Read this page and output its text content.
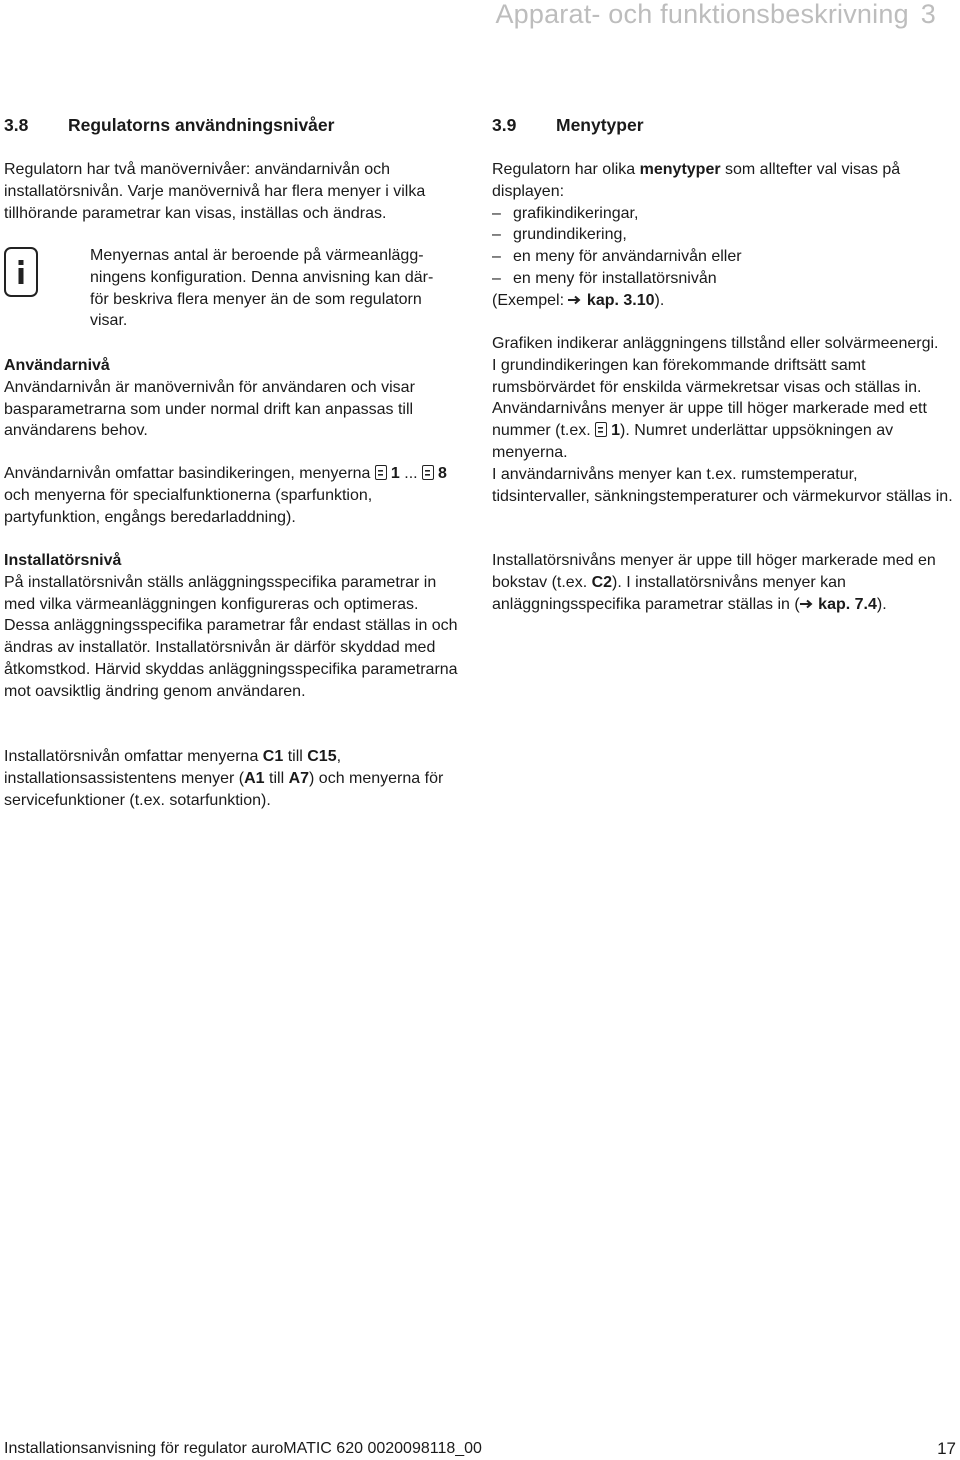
Apparat- och funktionsbeskrivning 3
3.8 Regulatorns användningsnivåer

Regulatorn har två manövernivåer: användarnivån och installatörsnivån. Varje manövernivå har flera menyer i vilka tillhörande parametrar kan visas, inställas och ändras.

Menyernas antal är beroende på värmeanlägg-
ningens konfiguration. Denna anvisning kan där-
för beskriva flera menyer än de som regulatorn
visar.

Användarnivå

Användarnivån är manövernivån för användaren och visar basparametrarna som under normal drift kan anpassas till användarens behov.

Användarnivån omfattar basindikeringen, menyerna 1 ... 8 och menyerna för specialfunktionerna (sparfunktion, partyfunktion, engångs beredarladdning).

Installatörsnivå

På installatörsnivån ställs anläggningsspecifika parametrar in med vilka värmeanläggningen konfigureras och optimeras. Dessa anläggningsspecifika parametrar får endast ställas in och ändras av installatör. Installatörsnivån är därför skyddad med åtkomstkod. Härvid skyddas anläggningsspecifika parametrarna mot oavsiktlig ändring genom användaren.

Installatörsnivån omfattar menyerna C1 till C15, installationsassistentens menyer (A1 till A7) och menyerna för servicefunktioner (t.ex. sotarfunktion).

3.9 Menytyper

Regulatorn har olika menytyper som alltefter val visas på displayen:

– grafikindikeringar,
– grundindikering,
– en meny för användarnivån eller
– en meny för installatörsnivån

(Exempel:  kap. 3.10).

Grafiken indikerar anläggningens tillstånd eller solvärmeenergi.

I grundindikeringen kan förekommande driftsätt samt rumsbörvärdet för enskilda värmekretsar visas och ställas in.

Användarnivåns menyer är uppe till höger markerade med ett nummer (t.ex. 1). Numret underlättar uppsökningen av menyerna.

I användarnivåns menyer kan t.ex. rumstemperatur, tidsintervaller, sänkningstemperaturer och värmekurvor ställas in.

Installatörsnivåns menyer är uppe till höger markerade med en bokstav (t.ex. C2). I installatörsnivåns menyer kan anläggningsspecifika parametrar ställas in ( kap. 7.4).

Installationsanvisning för regulator auroMATIC 620 0020098118_00	17
